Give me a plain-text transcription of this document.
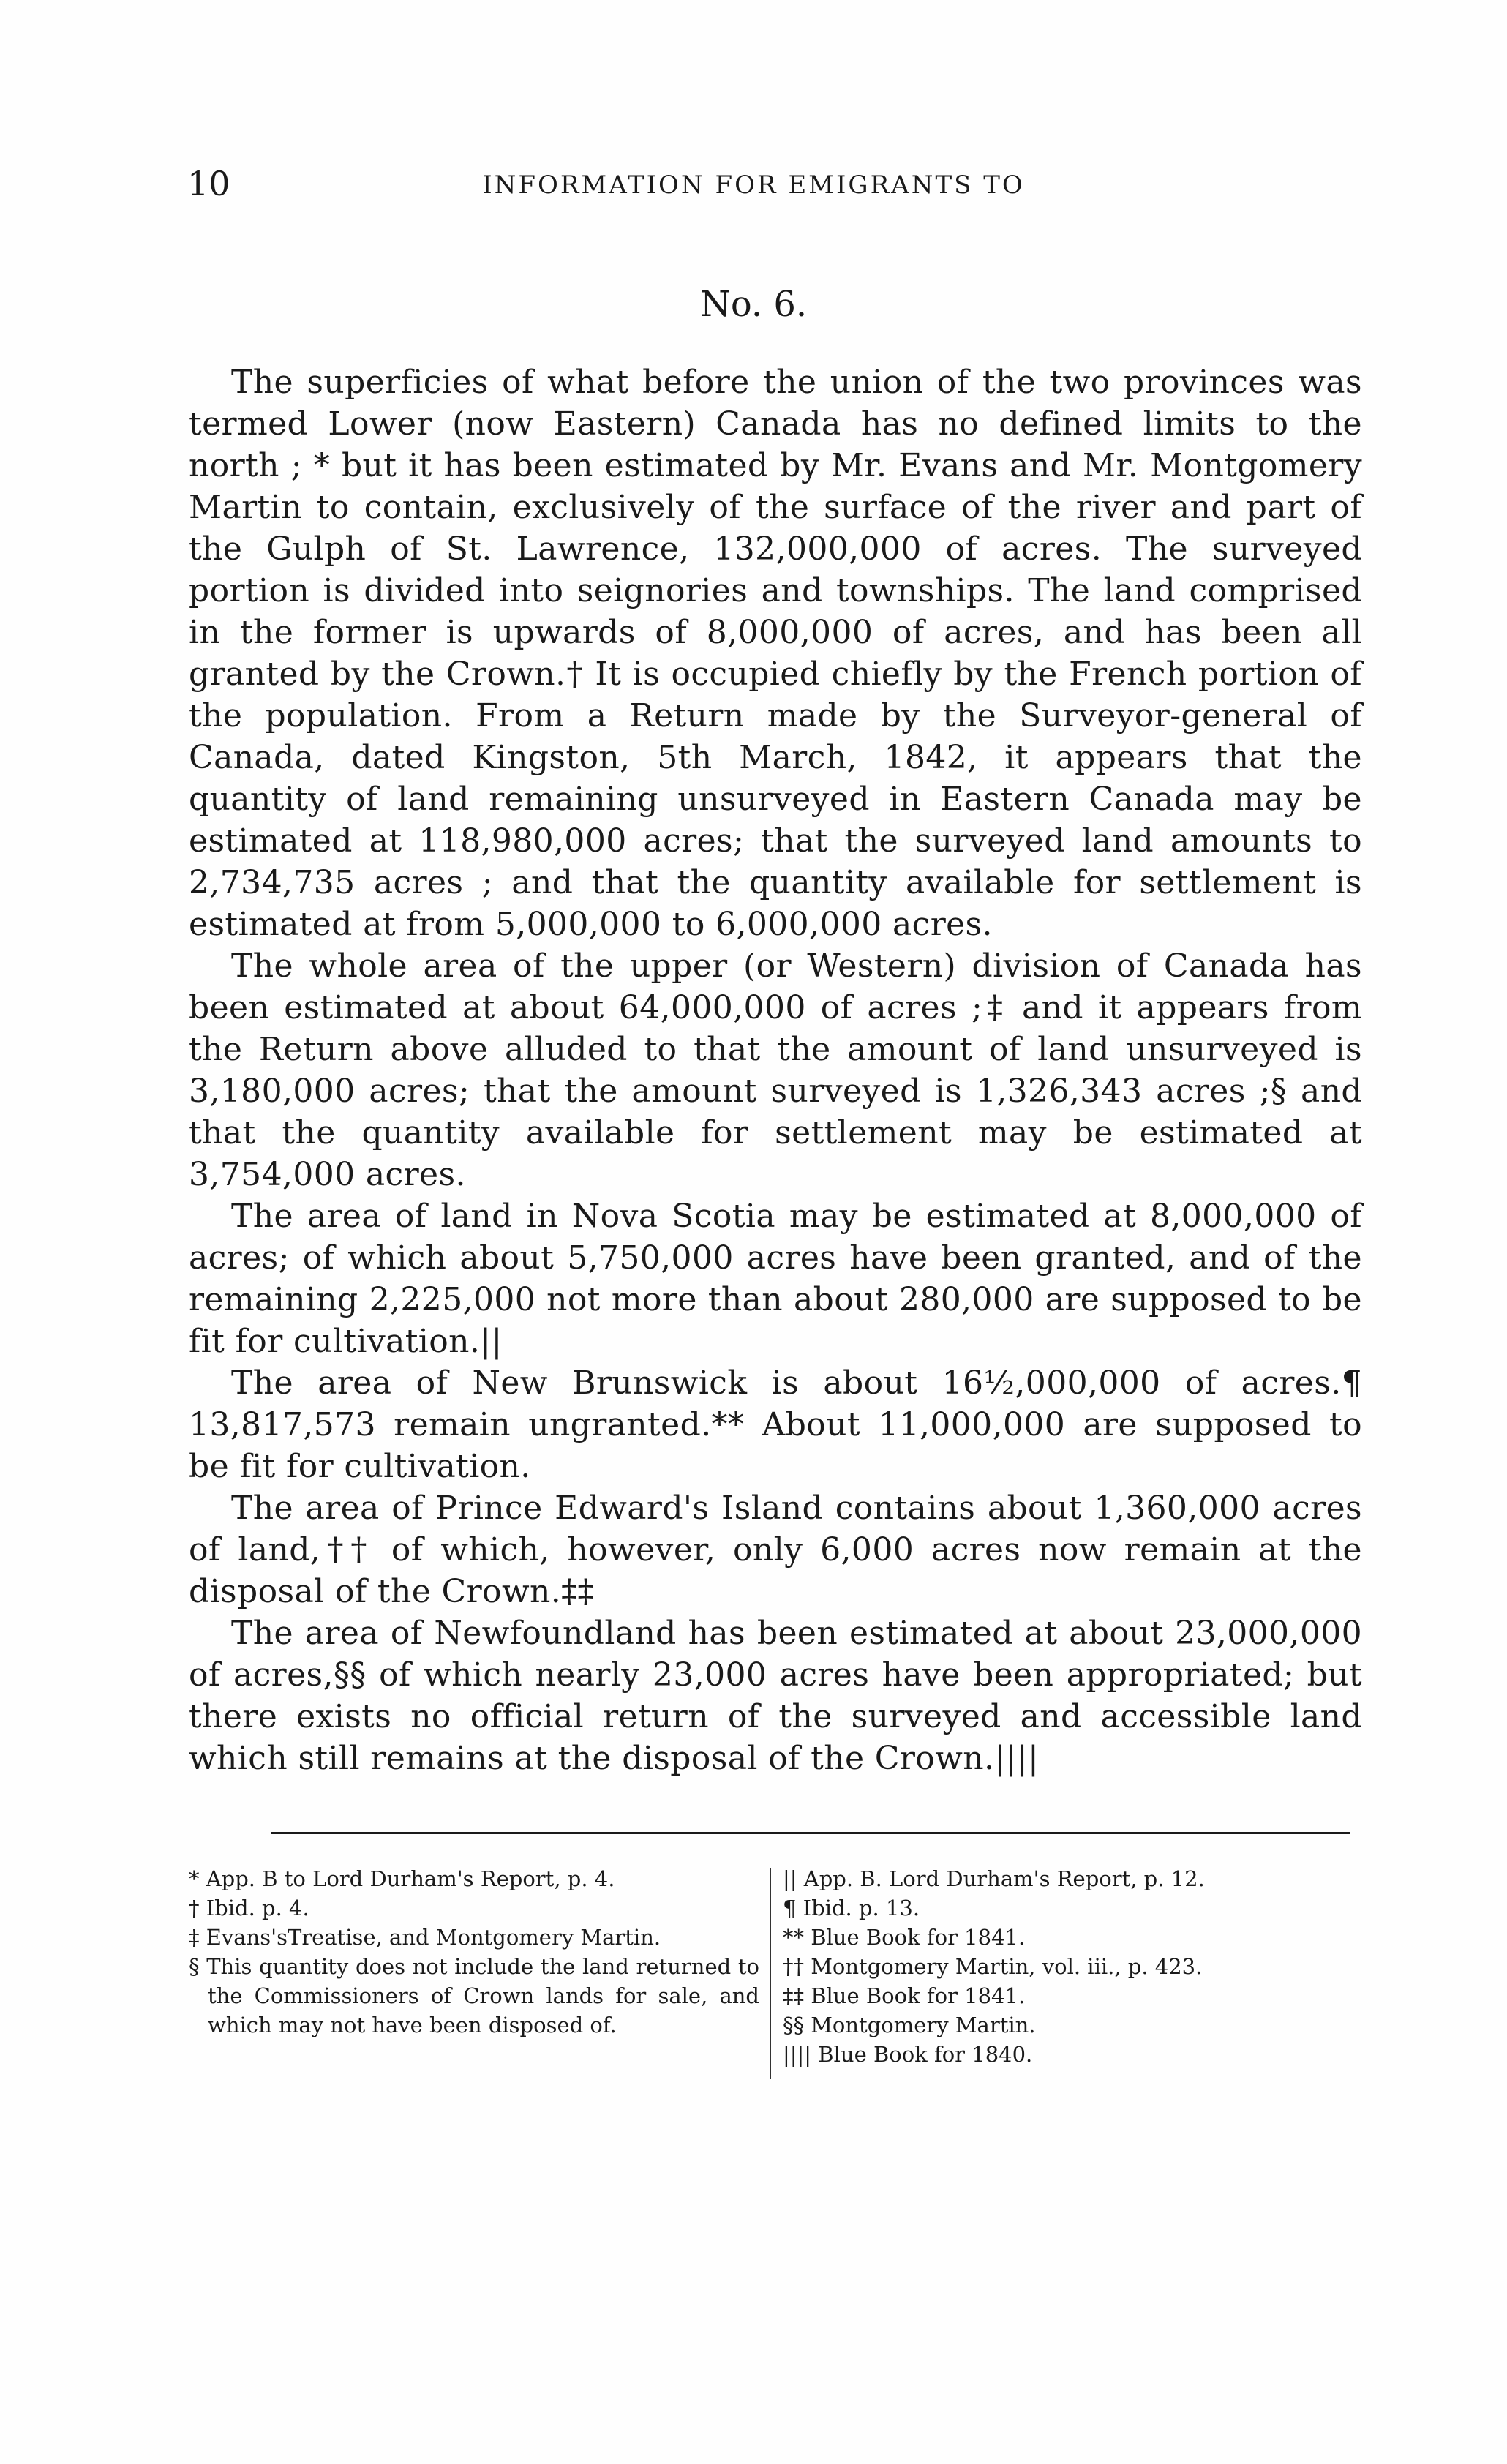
10	INFORMATION FOR EMIGRANTS TO
No. 6.

The superficies of what before the union of the two provinces was termed Lower (now Eastern) Canada has no defined limits to the north ; * but it has been estimated by Mr. Evans and Mr. Montgomery Martin to contain, exclusively of the surface of the river and part of the Gulph of St. Lawrence, 132,000,000 of acres. The surveyed portion is divided into seignories and townships. The land comprised in the former is upwards of 8,000,000 of acres, and has been all granted by the Crown.† It is occupied chiefly by the French portion of the population. From a Return made by the Surveyor-general of Canada, dated Kingston, 5th March, 1842, it appears that the quantity of land remaining unsurveyed in Eastern Canada may be estimated at 118,980,000 acres; that the surveyed land amounts to 2,734,735 acres ; and that the quantity available for settlement is estimated at from 5,000,000 to 6,000,000 acres.

The whole area of the upper (or Western) division of Canada has been estimated at about 64,000,000 of acres ;‡ and it appears from the Return above alluded to that the amount of land unsurveyed is 3,180,000 acres; that the amount surveyed is 1,326,343 acres ;§ and that the quantity available for settlement may be estimated at 3,754,000 acres.

The area of land in Nova Scotia may be estimated at 8,000,000 of acres; of which about 5,750,000 acres have been granted, and of the remaining 2,225,000 not more than about 280,000 are supposed to be fit for cultivation.||

The area of New Brunswick is about 16½,000,000 of acres.¶ 13,817,573 remain ungranted.** About 11,000,000 are supposed to be fit for cultivation.

The area of Prince Edward's Island contains about 1,360,000 acres of land,†† of which, however, only 6,000 acres now remain at the disposal of the Crown.‡‡

The area of Newfoundland has been estimated at about 23,000,000 of acres,§§ of which nearly 23,000 acres have been appropriated; but there exists no official return of the surveyed and accessible land which still remains at the disposal of the Crown.||||

* App. B to Lord Durham's Report, p. 4.

† Ibid. p. 4.

‡ Evans'sTreatise, and Montgomery Martin.

§ This quantity does not include the land returned to the Commissioners of Crown lands for sale, and which may not have been disposed of.

|| App. B. Lord Durham's Report, p. 12.

¶ Ibid. p. 13.

** Blue Book for 1841.

†† Montgomery Martin, vol. iii., p. 423.

‡‡ Blue Book for 1841.

§§ Montgomery Martin.

|||| Blue Book for 1840.
